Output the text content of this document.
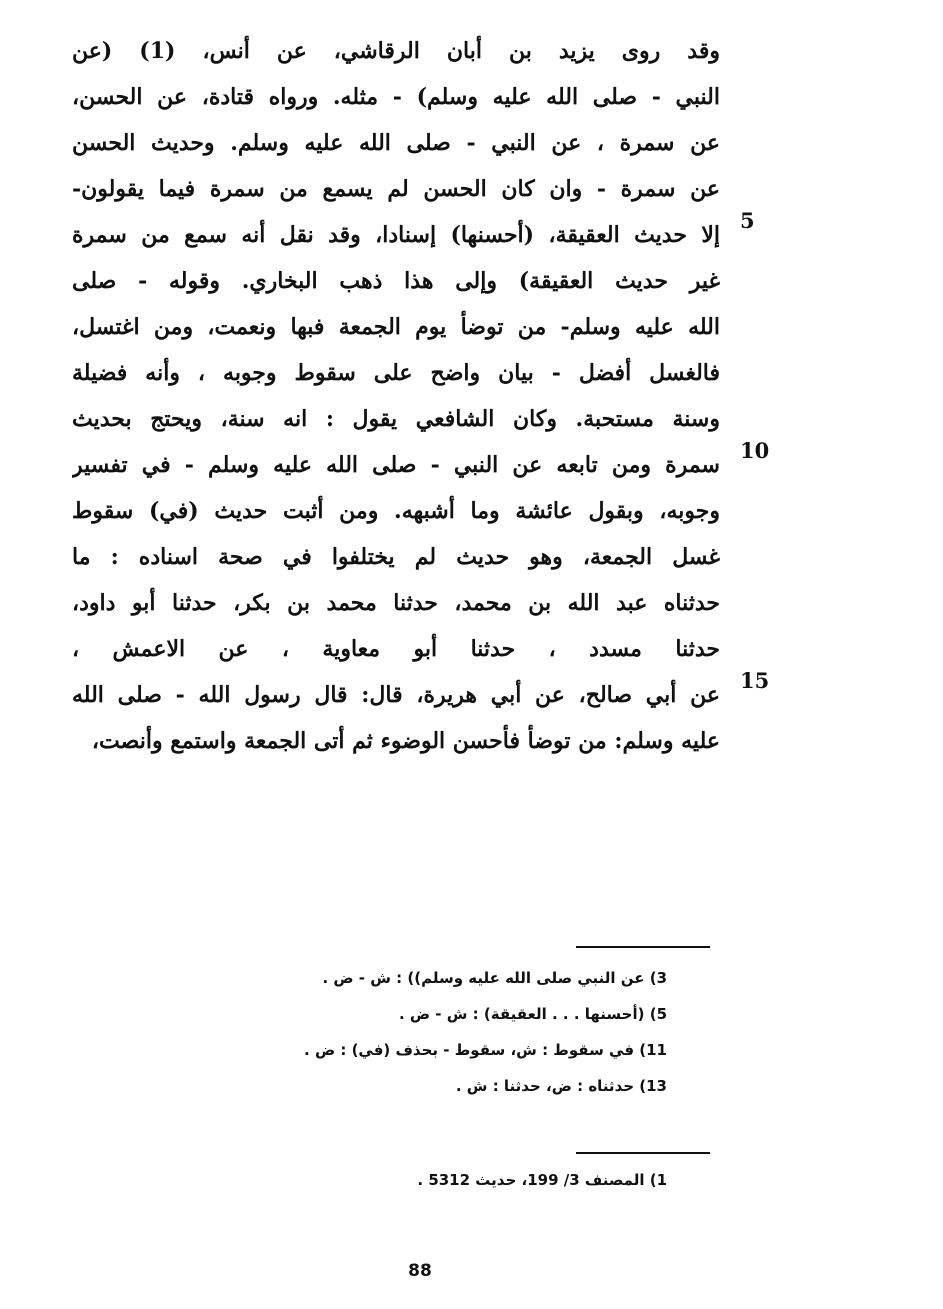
وقد روى يزيد بن أبان الرقاشي، عن أنس، (1) (عن
النبي - صلى الله عليه وسلم) - مثله. ورواه قتادة، عن الحسن،
عن سمرة ، عن النبي - صلى الله عليه وسلم. وحديث الحسن
عن سمرة - وان كان الحسن لم يسمع من سمرة فيما يقولون-
إلا حديث العقيقة، (أحسنها) إسنادا، وقد نقل أنه سمع من سمرة
غير حديث العقيقة) وإلى هذا ذهب البخاري. وقوله - صلى
الله عليه وسلم- من توضأ يوم الجمعة فبها ونعمت، ومن اغتسل،
فالغسل أفضل - بيان واضح على سقوط وجوبه ، وأنه فضيلة
وسنة مستحبة. وكان الشافعي يقول : انه سنة، ويحتج بحديث
سمرة ومن تابعه عن النبي - صلى الله عليه وسلم - في تفسير
وجوبه، وبقول عائشة وما أشبهه. ومن أثبت حديث (في) سقوط
غسل الجمعة، وهو حديث لم يختلفوا في صحة اسناده : ما
حدثناه عبد الله بن محمد، حدثنا محمد بن بكر، حدثنا أبو داود،
حدثنا مسدد ، حدثنا أبو معاوية ، عن الاعمش ،
عن أبي صالح، عن أبي هريرة، قال: قال رسول الله - صلى الله
عليه وسلم: من توضأ فأحسن الوضوء ثم أتى الجمعة واستمع وأنصت،
5
10
15
3) عن النبي صلى الله عليه وسلم)) : ش - ض .
5) (أحسنها . . . العقيقة) : ش - ض .
11) في سقوط : ش، سقوط - بحذف (في) : ض .
13) حدثناه : ض، حدثنا : ش .
1) المصنف 3/ 199، حديث 5312 .
88
